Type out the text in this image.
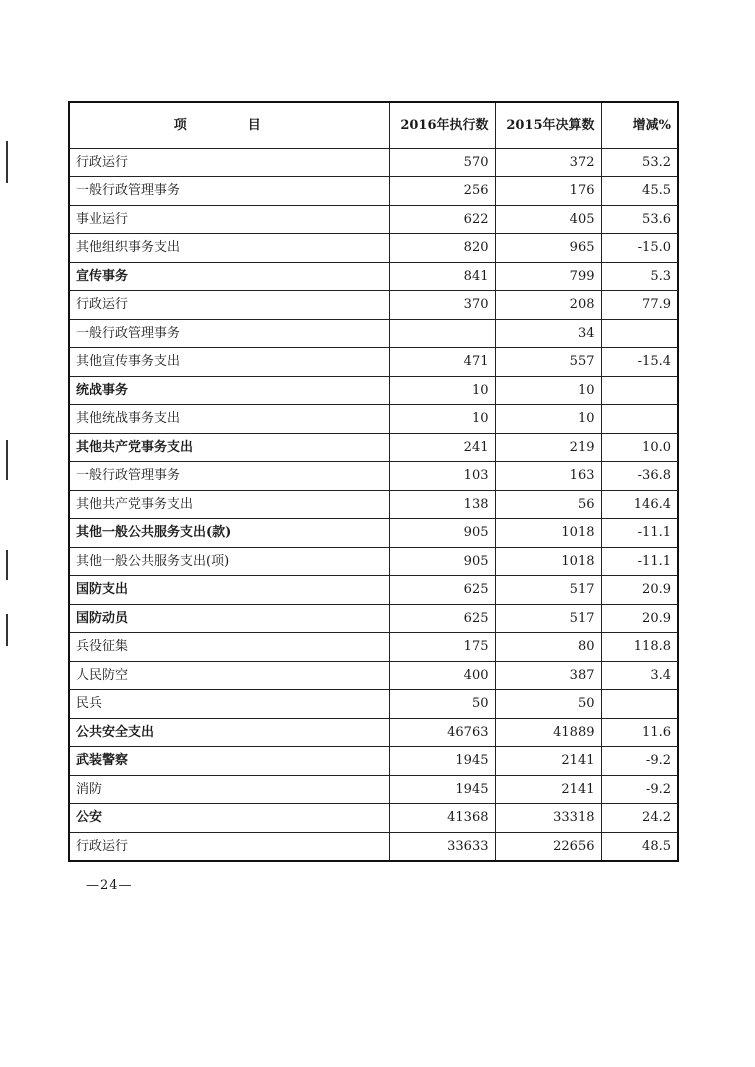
项　目	2016年执行数	2015年决算数	增减%
行政运行	570	372	53.2
一般行政管理事务	256	176	45.5
事业运行	622	405	53.6
其他组织事务支出	820	965	-15.0
宣传事务	841	799	5.3
行政运行	370	208	77.9
一般行政管理事务		34	
其他宣传事务支出	471	557	-15.4
统战事务	10	10	
其他统战事务支出	10	10	
其他共产党事务支出	241	219	10.0
一般行政管理事务	103	163	-36.8
其他共产党事务支出	138	56	146.4
其他一般公共服务支出(款)	905	1018	-11.1
其他一般公共服务支出(项)	905	1018	-11.1
国防支出	625	517	20.9
国防动员	625	517	20.9
兵役征集	175	80	118.8
人民防空	400	387	3.4
民兵	50	50	
公共安全支出	46763	41889	11.6
武装警察	1945	2141	-9.2
消防	1945	2141	-9.2
公安	41368	33318	24.2
行政运行	33633	22656	48.5
—24—
